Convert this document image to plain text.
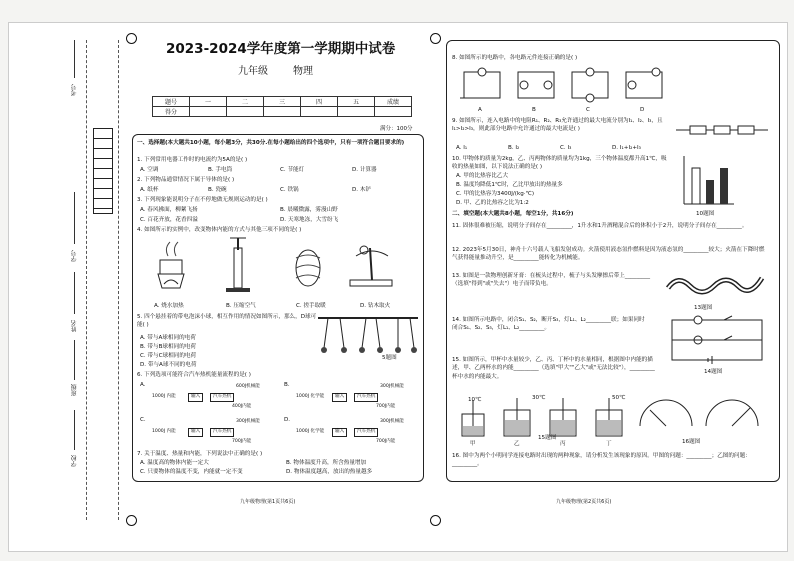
考号
学号
姓名
班级
学校
2023-2024学年度第一学期期中试卷
九年级	物理
题号	一	二	三	四	五	成绩
得分						
满分：100分
一、选择题(本大题共10小题，每小题3分，共30分.在每小题给出的四个选项中，只有一项符合题目要求的)
1. 下列常用电器工作时的电流约为5A的是( )
A. 空调	B. 手电筒	C. 节能灯	D. 计算器
2. 下列物品通常情况下属于导体的是( )
A. 纸杯	B. 瓷碗	C. 铁锅	D. 木铲
3. 下列现象能说明分子在不停地做无规则运动的是( )
A. 春风拂面，柳絮飞扬	B. 晨曦微露，雾漫山野
C. 百花齐放，花香四溢	D. 天寒地冻，大雪纷飞
4. 如图所示的实例中，改变物体内能的方式与其他三项不同的是( )
A. 烧水加热	B. 压缩空气	C. 搓手取暖	D. 钻木取火
5. 四个悬挂着的带电泡沫小球，相互作用的情况如图所示，那么，D球可能( )
A. 带与A球相同的电荷
B. 带与B球相同的电荷
C. 带与C球相同的电荷
D. 带与A球不同的电荷
5题图
6. 下列选项可能符合汽车热机能量流程的是( )
A.
1000J 内能	输入	汽车热机
600J机械能
400J内能
B.
1000J 化学能	输入	汽车热机
300J机械能
700J内能
C.
1000J 内能	输入	汽车热机
300J机械能
700J内能
D.
1000J 化学能	输入	汽车热机
300J机械能
700J内能
7. 关于温度、热量和内能，下列说法中正确的是( )
A. 温度高的物体内能一定大	B. 物体温度升高，所含热量增加
C. 只要物体的温度不变，内能就一定不变	D. 物体温度越高，放出的热量越多
九年级物理(第1页共6页)
8. 如图所示的电路中，各电路元件连接正确的是( )
A	B	C	D
9. 如图所示，连入电路中的电阻R₁、R₂、R₃允许通过的最大电流分别为I₁、I₂、I₃，且I₁>I₂>I₃，则此部分电路中允许通过的最大电流是( )
A. I₁	B. I₂	C. I₃	D. I₁+I₂+I₃
10. 甲物体的质量为2kg，乙、丙两物体的质量均为1kg，三个物体温度都升高1℃，吸收的热量如图，以下说法正确的是( )
A. 甲的比热容比乙大
B. 温度均降低1℃时，乙比甲放出的热量多
C. 甲的比热容为3400J/(kg·℃)
D. 甲、乙的比热容之比为1:2
10题图
二、填空题(本大题共8小题，每空1分，共16分)
11. 固体很难被压缩，说明分子间存在_________，1升水和1升酒精混合后的体积小于2升，说明分子间存在_________。
12. 2023年5月30日，神舟十六号载人飞船发射成功。火箭使用液态氢作燃料是因为液态氢的_________较大；火箭在下降时燃气获得能量推动升空，是_________能转化为机械能。
13. 如图是一款物理创新牙膏：在梳头过程中，梳子与头发摩擦后带上_________（选填"得到"或"失去"）电子而带负电。
13题图
14. 如图所示电路中，闭合S₁、S₂，断开S₃，灯L₁、L₂_________联；如果同时闭合S₁、S₂、S₃，灯L₁、L₂_________。
14题图
15. 如图所示，甲杯中水量较少，乙、丙、丁杯中的水量相同，根据图中内能的描述，甲、乙两杯水的内能_________（选填"甲大""乙大"或"无法比较"），_________杯中水的内能最大。
10℃	30℃	50℃
甲	乙	丙	丁
15题图
16题图
16. 图中为两个小明同学连接电路时出现的两种现象，请分析发生该现象的原因。甲图的问题：_________；乙图的问题：_________。
九年级物理(第2页共6页)
